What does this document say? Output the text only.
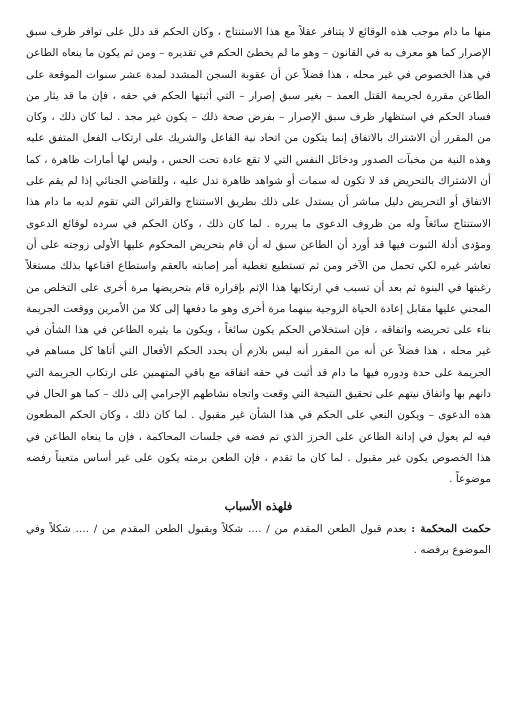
منها ما دام موجب هذه الوقائع لا يتنافر عقلاً مع هذا الاستنتاج ، وكان الحكم قد دلل على توافر ظرف سبق الإصرار كما هو معرف به في القانون – وهو ما لم يخطئ الحكم في تقديره – ومن ثم يكون ما ينعاه الطاعن في هذا الخصوص في غير محله ، هذا فضلاً عن أن عقوبة السجن المشدد لمدة عشر سنوات الموقعة على الطاعن مقررة لجريمة القتل العمد – بغير سبق إصرار – التي أثبتها الحكم في حقه ، فإن ما قد يثار من فساد الحكم في استظهار ظرف سبق الإصرار – بفرض صحة ذلك – يكون غير مجد . لما كان ذلك ، وكان من المقرر أن الاشتراك بالاتفاق إنما يتكون من اتحاد نية الفاعل والشريك على ارتكاب الفعل المتفق عليه وهذه النية من مخبآت الصدور ودخائل النفس التي لا تقع عادة تحت الحس ، وليس لها أمارات ظاهرة ، كما أن الاشتراك بالتحريض قد لا تكون له سمات أو شواهد ظاهرة تدل عليه ، وللقاضي الجنائي إذا لم يقم على الاتفاق أو التحريض دليل مباشر أن يستدل على ذلك بطريق الاستنتاج والقرائن التي تقوم لديه ما دام هذا الاستنتاج سائغاً وله من ظروف الدعوى ما يبرره . لما كان ذلك ، وكان الحكم في سرده لوقائع الدعوى ومؤدى أدلة الثبوت فيها قد أورد أن الطاعن سبق له أن قام بتحريض المحكوم عليها الأولى زوجته على أن تعاشر غيره لكي تحمل من الآخر ومن ثم تستطيع تغطية أمر إصابته بالعقم واستطاع اقناعها بذلك مستغلاً رغبتها في البنوة ثم بعد أن تسبب في ارتكابها هذا الإثم بإقراره قام بتحريضها مرة أخرى على التخلص من المجني عليها مقابل إعادة الحياة الزوجية بينهما مرة أخرى وهو ما دفعها إلى كلا من الأمرين ووقعت الجريمة بناء على تحريضه واتفاقه ، فإن استخلاص الحكم يكون سائغاً ، ويكون ما يثيره الطاعن في هذا الشأن في غير محله ، هذا فضلاً عن أنه من المقرر أنه ليس بلازم أن يحدد الحكم الأفعال التي أتاها كل مساهم في الجريمة على حدة ودوره فيها ما دام قد أثبت في حقه اتفاقه مع باقي المتهمين على ارتكاب الجريمة التي دانهم بها واتفاق نيتهم على تحقيق النتيجة التي وقعت واتجاه نشاطهم الإجرامي إلى ذلك – كما هو الحال في هذه الدعوى – ويكون النعي على الحكم في هذا الشأن غير مقبول . لما كان ذلك ، وكان الحكم المطعون فيه لم يعول في إدانة الطاعن على الحرز الذي تم فضه في جلسات المحاكمة ، فإن ما ينعاه الطاعن في هذا الخصوص يكون غير مقبول . لما كان ما تقدم ، فإن الطعن برمته يكون على غير أساس متعيناً رفضه موضوعاً .

فلهذه الأسباب

حكمت المحكمة : بعدم قبول الطعن المقدم من / .... شكلاً وبقبول الطعن المقدم من / .... شكلاً وفي الموضوع برفضه .
